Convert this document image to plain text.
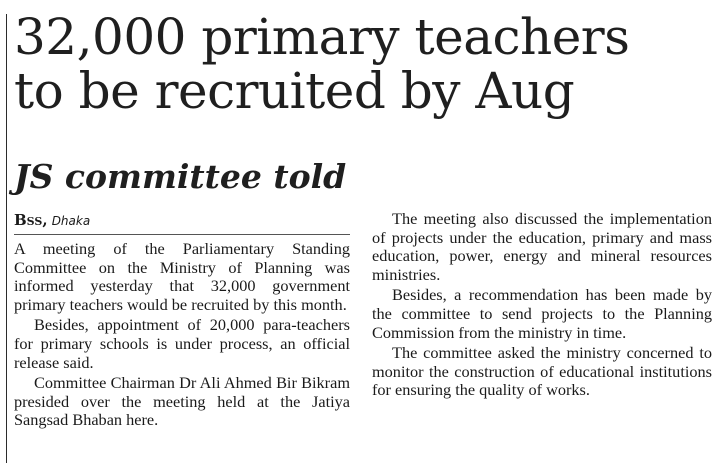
32,000 primary teachers
to be recruited by Aug
JS committee told
Bss, Dhaka

A meeting of the Parliamentary Standing Committee on the Ministry of Planning was informed yesterday that 32,000 government primary teachers would be recruited by this month.

Besides, appointment of 20,000 para-teachers for primary schools is under process, an official release said.

Committee Chairman Dr Ali Ahmed Bir Bikram presided over the meeting held at the Jatiya Sangsad Bhaban here.

The meeting also discussed the implementation of projects under the education, primary and mass education, power, energy and mineral resources ministries.

Besides, a recommendation has been made by the committee to send projects to the Planning Commission from the ministry in time.

The committee asked the ministry concerned to monitor the construction of educational institutions for ensuring the quality of works.
